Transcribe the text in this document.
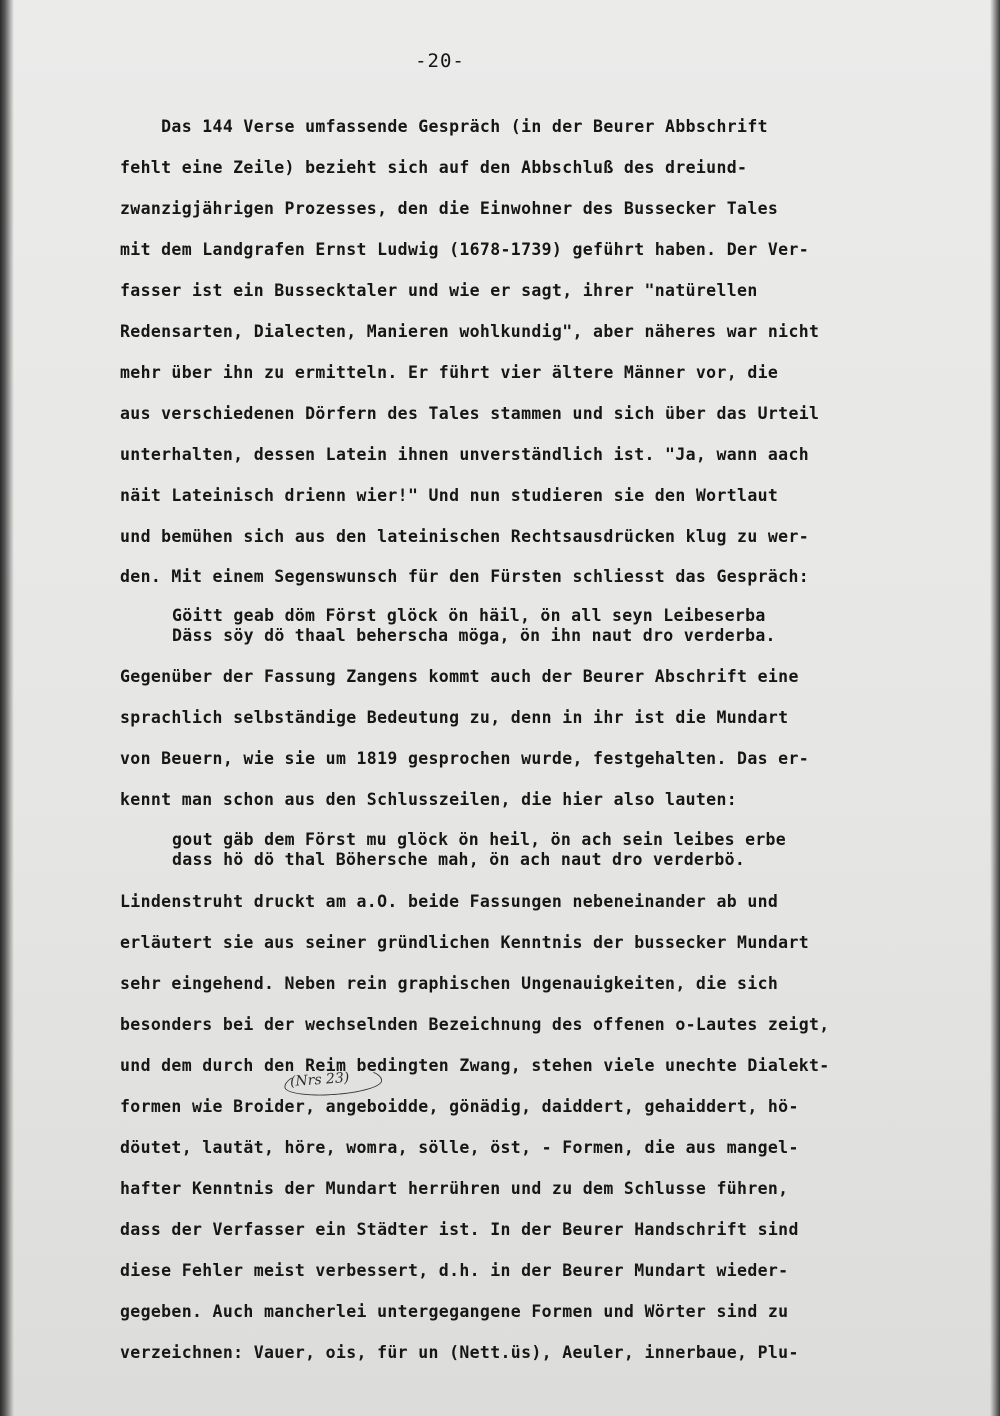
-20-
Das 144 Verse umfassende Gespräch (in der Beurer Abbschrift
fehlt eine Zeile) bezieht sich auf den Abbschluß des dreiund-
zwanzigjährigen Prozesses, den die Einwohner des Bussecker Tales
mit dem Landgrafen Ernst Ludwig (1678-1739) geführt haben. Der Ver-
fasser ist ein Bussecktaler und wie er sagt, ihrer "natürellen
Redensarten, Dialecten, Manieren wohlkundig", aber näheres war nicht
mehr über ihn zu ermitteln. Er führt vier ältere Männer vor, die
aus verschiedenen Dörfern des Tales stammen und sich über das Urteil
unterhalten, dessen Latein ihnen unverständlich ist. "Ja, wann aach
näit Lateinisch drienn wier!" Und nun studieren sie den Wortlaut
und bemühen sich aus den lateinischen Rechtsausdrücken klug zu wer-
den. Mit einem Segenswunsch für den Fürsten schliesst das Gespräch:
Göitt geab döm Först glöck ön häil, ön all seyn Leibeserba
Däss söy dö thaal beherscha möga, ön ihn naut dro verderba.
Gegenüber der Fassung Zangens kommt auch der Beurer Abschrift eine
sprachlich selbständige Bedeutung zu, denn in ihr ist die Mundart
von Beuern, wie sie um 1819 gesprochen wurde, festgehalten. Das er-
kennt man schon aus den Schlusszeilen, die hier also lauten:
gout gäb dem Först mu glöck ön heil, ön ach sein leibes erbe
dass hö dö thal Böhersche mah, ön ach naut dro verderbö.
Lindenstruht druckt am a.O. beide Fassungen nebeneinander ab und
erläutert sie aus seiner gründlichen Kenntnis der bussecker Mundart
sehr eingehend. Neben rein graphischen Ungenauigkeiten, die sich
besonders bei der wechselnden Bezeichnung des offenen o-Lautes zeigt,
und dem durch den Reim bedingten Zwang, stehen viele unechte Dialekt-
formen wie Broider, angeboidde, gönädig, daiddert, gehaiddert, hö-
döutet, lautät, höre, womra, sölle, öst, - Formen, die aus mangel-
hafter Kenntnis der Mundart herrühren und zu dem Schlusse führen,
dass der Verfasser ein Städter ist. In der Beurer Handschrift sind
diese Fehler meist verbessert, d.h. in der Beurer Mundart wieder-
gegeben. Auch mancherlei untergegangene Formen und Wörter sind zu
verzeichnen: Vauer, ois, für un (Nett.üs), Aeuler, innerbaue, Plu-
(Nrs 23)
